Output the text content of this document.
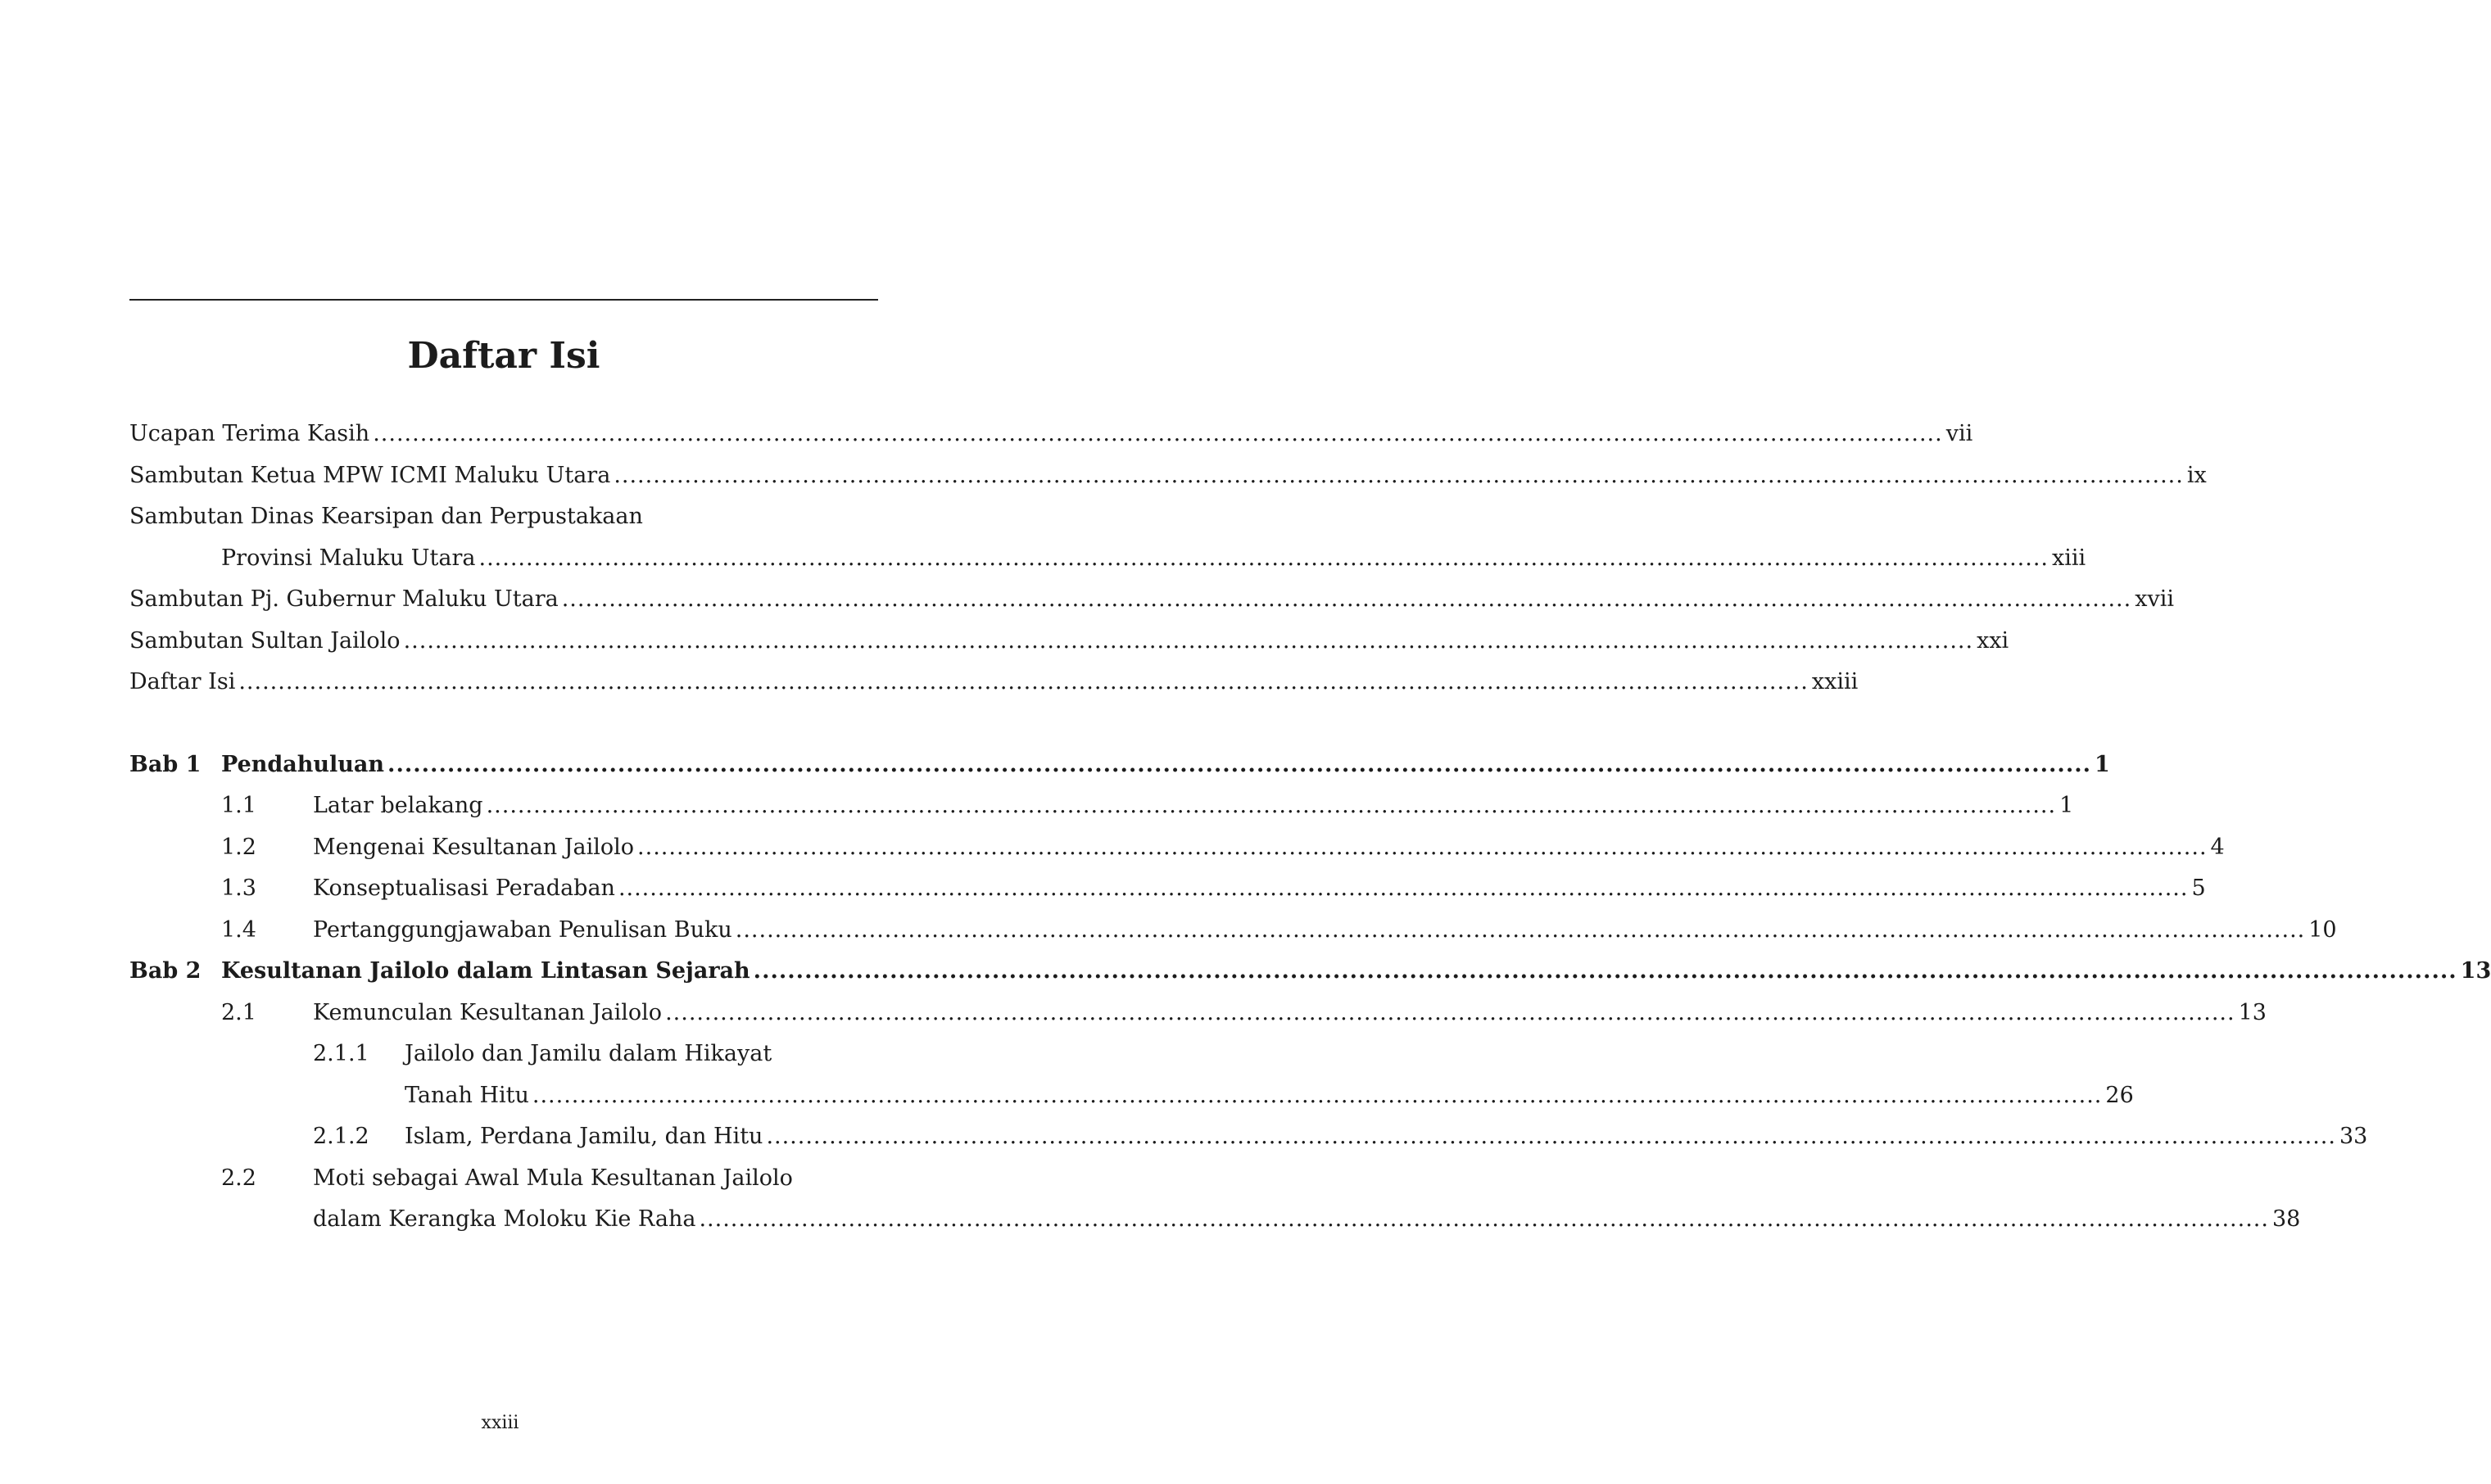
Daftar Isi
Ucapan Terima Kasih .....	vii
Sambutan Ketua MPW ICMI Maluku Utara .....	ix
Sambutan Dinas Kearsipan dan Perpustakaan
Provinsi Maluku Utara .....	xiii
Sambutan Pj. Gubernur Maluku Utara .....	xvii
Sambutan Sultan Jailolo .....	xxi
Daftar Isi .....	xxiii
Bab 1 Pendahuluan .....	1
1.1	Latar belakang .....	1
1.2	Mengenai Kesultanan Jailolo .....	4
1.3	Konseptualisasi Peradaban .....	5
1.4	Pertanggungjawaban Penulisan Buku .....	10
Bab 2 Kesultanan Jailolo dalam Lintasan Sejarah .....	13
2.1	Kemunculan Kesultanan Jailolo .....	13
2.1.1	Jailolo dan Jamilu dalam Hikayat
Tanah Hitu .....	26
2.1.2	Islam, Perdana Jamilu, dan Hitu .....	33
2.2	Moti sebagai Awal Mula Kesultanan Jailolo
dalam Kerangka Moloku Kie Raha .....	38
xxiii
